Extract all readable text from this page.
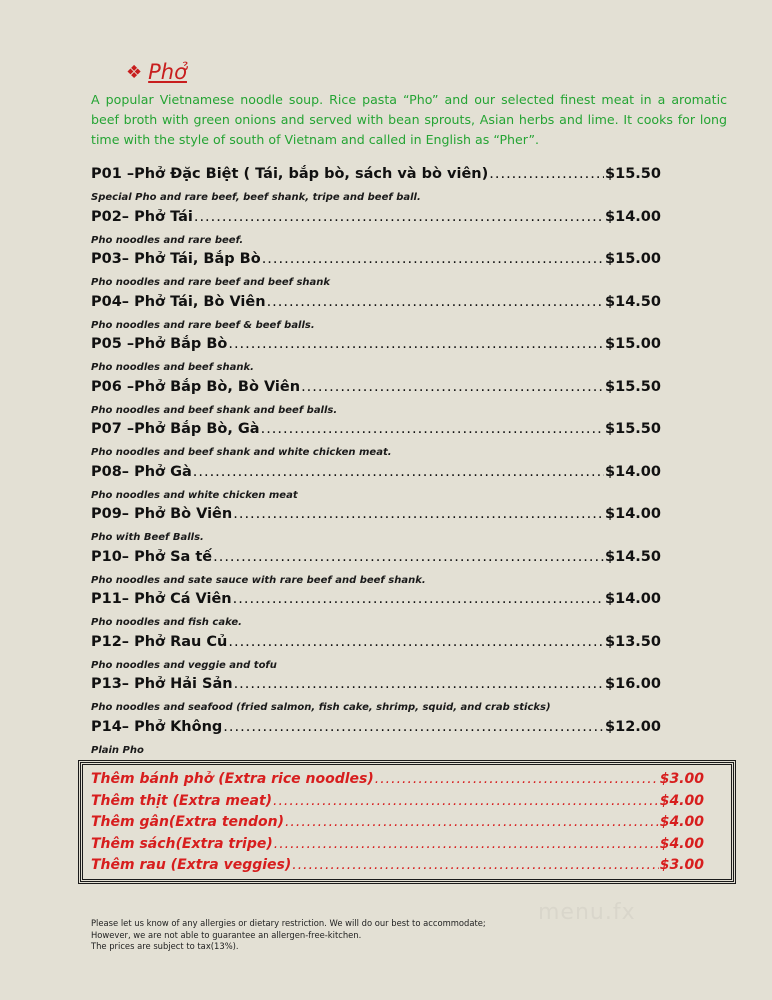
❖ Phở

A popular Vietnamese noodle soup. Rice pasta “Pho” and our selected finest meat in a aromatic beef broth with green onions and served with bean sprouts, Asian herbs and lime. It cooks for long time with the style of south of Vietnam and called in English as “Pher”.

P01 –Phở Đặc Biệt ( Tái, bắp bò, sách và bò viên) .....	$15.50
Special Pho and rare beef, beef shank, tripe and beef ball.
P02– Phở Tái .....	$14.00
Pho noodles and rare beef.
P03– Phở Tái, Bắp Bò .....	$15.00
Pho noodles and rare beef and beef shank
P04– Phở Tái, Bò Viên .....	$14.50
Pho noodles and rare beef & beef balls.
P05 –Phở Bắp Bò .....	$15.00
Pho noodles and beef shank.
P06 –Phở Bắp Bò, Bò Viên .....	$15.50
Pho noodles and beef shank and beef balls.
P07 –Phở Bắp Bò, Gà .....	$15.50
Pho noodles and beef shank and white chicken meat.
P08– Phở Gà .....	$14.00
Pho noodles and white chicken meat
P09– Phở Bò Viên .....	$14.00
Pho with Beef Balls.
P10– Phở Sa tế .....	$14.50
Pho noodles and sate sauce with rare beef and beef shank.
P11– Phở Cá Viên .....	$14.00
Pho noodles and fish cake.
P12– Phở Rau Củ .....	$13.50
Pho noodles and veggie and tofu
P13– Phở Hải Sản .....	$16.00
Pho noodles and seafood (fried salmon, fish cake, shrimp, squid, and crab sticks)
P14– Phở Không .....	$12.00
Plain Pho
Thêm bánh phở (Extra rice noodles) .....	$3.00
Thêm thịt (Extra meat) .....	$4.00
Thêm gân(Extra tendon) .....	$4.00
Thêm sách(Extra tripe) .....	$4.00
Thêm rau (Extra veggies) .....	$3.00
Please let us know of any allergies or dietary restriction. We will do our best to accommodate;
However, we are not able to guarantee an allergen-free-kitchen.
The prices are subject to tax(13%).
menu.fx
